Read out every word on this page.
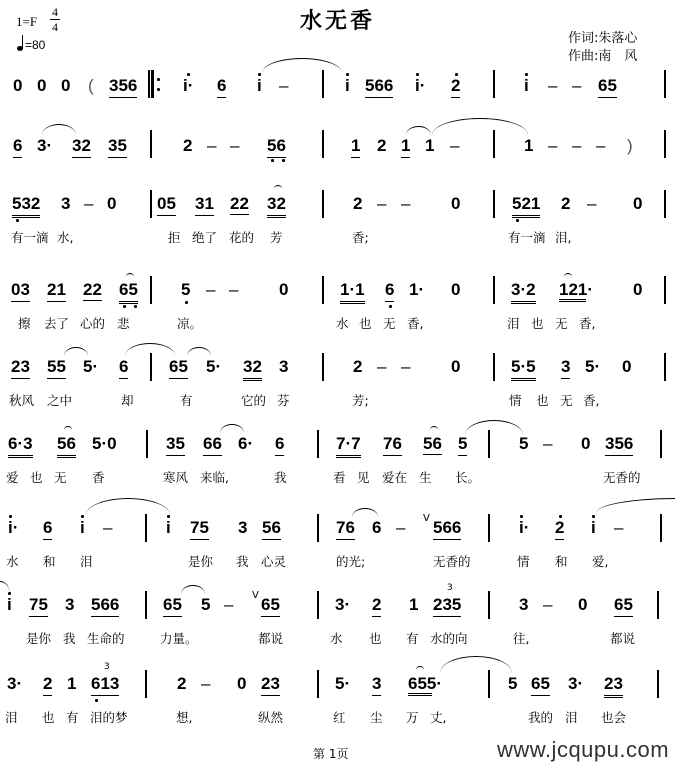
水无香
1=F
4
4
=80	作词:朱落心
作曲:南　风
0 0 0 ( 356	i· 6 i –	i 566 i· 2	i – – 65
6 3· 32 35	2 – – 56	1 2 1 1 –	1 – – – )
532 3 – 0 05 31 22 32	2 – – 0	521 2 – 0
有一滴 水,	拒 绝了 花的 芳	香;	有一滴 泪,
03 21 22 65	5 – – 0	1·1 6 1· 0	3·2 121· 0
擦 去了 心的 悲	凉。	水 也 无 香,	泪 也 无 香,
23 55 5· 6 65 5· 32 3	2 – – 0	5·5 3 5· 0
秋风 之中	却	有	它的 芬	芳;	情 也 无 香,
6·3 56 5·0	35 66 6· 6	7·7 76 56 5	5 – 0 356
爱 也 无 香	寒风 来临,	我	看 见 爱在 生 长。	无香的
i· 6 i –	i 75 3 56	76 6 – V 566	i· 2 i –
水 和 泪	是你 我 心灵	的光;	无香的	情 和 爱,
i 75 3 566	65 5 – V 65	3· 2 1 235
3
3 – 0 65
是你 我 生命的	力量。	都说	水 也 有 水的向	往,	都说
3· 2 1 613
3
2 – 0 23	5· 3 655·	5 65 3· 23
泪 也 有 泪的梦	想,	纵然	红 尘 万 丈,	我的 泪 也会
第 1页	www.jcqupu.com
